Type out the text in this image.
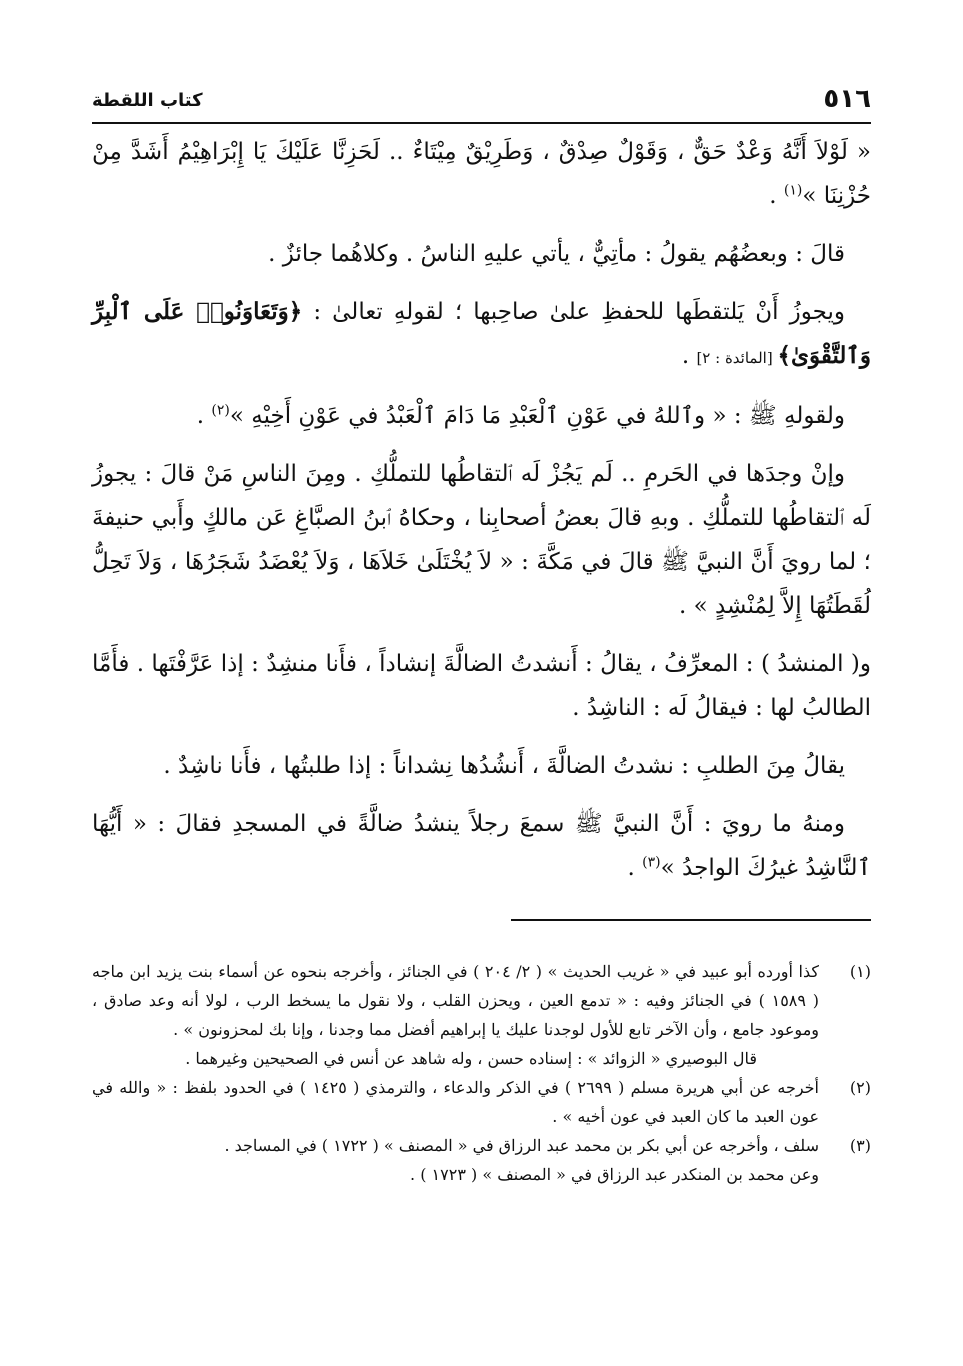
٥١٦
كتاب اللقطة

« لَوْلاَ أَنَّهُ وَعْدٌ حَقٌّ ، وَقَوْلٌ صِدْقٌ ، وَطَرِيْقٌ مِيْتَاءٌ .. لَحَزِنَّا عَلَيْكَ يَا إِبْرَاهِيْمُ أَشَدَّ مِنْ حُزْنِنَا »$^{(١)}$ .

قالَ : وبعضُهُم يقولُ : مأتِيٌّ ، يأتي عليهِ الناسُ . وكلاهُما جائزٌ .

ويجوزُ أَنْ يَلتقطَها للحفظِ علىٰ صاحِبها ؛ لقولهِ تعالىٰ : ﴿وَتَعَاوَنُوا۟ عَلَى ٱلْبِرِّ وَٱلتَّقْوَىٰ﴾ [المائدة : ٢] .

ولقولهِ ﷺ : « وٱللهُ في عَوْنِ ٱلْعَبْدِ مَا دَامَ ٱلْعَبْدُ في عَوْنِ أَخِيْهِ »$^{(٢)}$ .

وإنْ وجدَها في الحَرمِ .. لَم يَجُزْ لَه ٱلتقاطُها للتملُّكِ . ومِنَ الناسِ مَنْ قالَ : يجوزُ لَه ٱلتقاطُها للتملُّكِ . وبهِ قالَ بعضُ أصحابِنا ، وحكاهُ ٱبنُ الصبَّاغِ عَن مالكٍ وأَبي حنيفةَ ؛ لما رويَ أَنَّ النبيَّ ﷺ قالَ في مَكَّةَ : « لاَ يُخْتَلَىٰ خَلاَهَا ، وَلاَ يُعْضَدُ شَجَرُهَا ، وَلاَ تَحِلُّ لُقَطَتُهَا إِلاَّ لِمُنْشِدٍ » .

و( المنشدُ ) : المعرِّفُ ، يقالُ : أَنشدتُ الضالَّةَ إنشاداً ، فأَنا منشِدٌ : إذا عَرَّفْتَها . فأَمَّا الطالبُ لها : فيقالُ لَه : الناشِدُ .

يقالُ مِنَ الطلبِ : نشدتُ الضالَّةَ ، أَنشُدُها نِشداناً : إذا طلبتُها ، فأَنا ناشِدٌ .

ومنهُ ما رويَ : أَنَّ النبيَّ ﷺ سمعَ رجلاً ينشدُ ضالَّةً في المسجدِ فقالَ : « أَيُّهَا ٱلنَّاشِدُ غيرُكَ الواجدُ »$^{(٣)}$ .

(١)
كذا أورده أبو عبيد في « غريب الحديث » ( ٢/ ٢٠٤ ) في الجنائز ، وأخرجه بنحوه عن أسماء بنت يزيد ابن ماجه ( ١٥٨٩ ) في الجنائز وفيه : « تدمع العين ، ويحزن القلب ، ولا نقول ما يسخط الرب ، لولا أنه وعد صادق ، وموعود جامع ، وأن الآخر تابع للأول لوجدنا عليك يا إبراهيم أفضل مما وجدنا ، وإنا بك لمحزونون » .
قال البوصيري « الزوائد » : إسناده حسن ، وله شاهد عن أنس في الصحيحين وغيرهما .
(٢)
أخرجه عن أبي هريرة مسلم ( ٢٦٩٩ ) في الذكر والدعاء ، والترمذي ( ١٤٢٥ ) في الحدود بلفظ : « والله في عون العبد ما كان العبد في عون أخيه » .
(٣)
سلف ، وأخرجه عن أبي بكر بن محمد عبد الرزاق في « المصنف » ( ١٧٢٢ ) في المساجد .
وعن محمد بن المنكدر عبد الرزاق في « المصنف » ( ١٧٢٣ ) .
